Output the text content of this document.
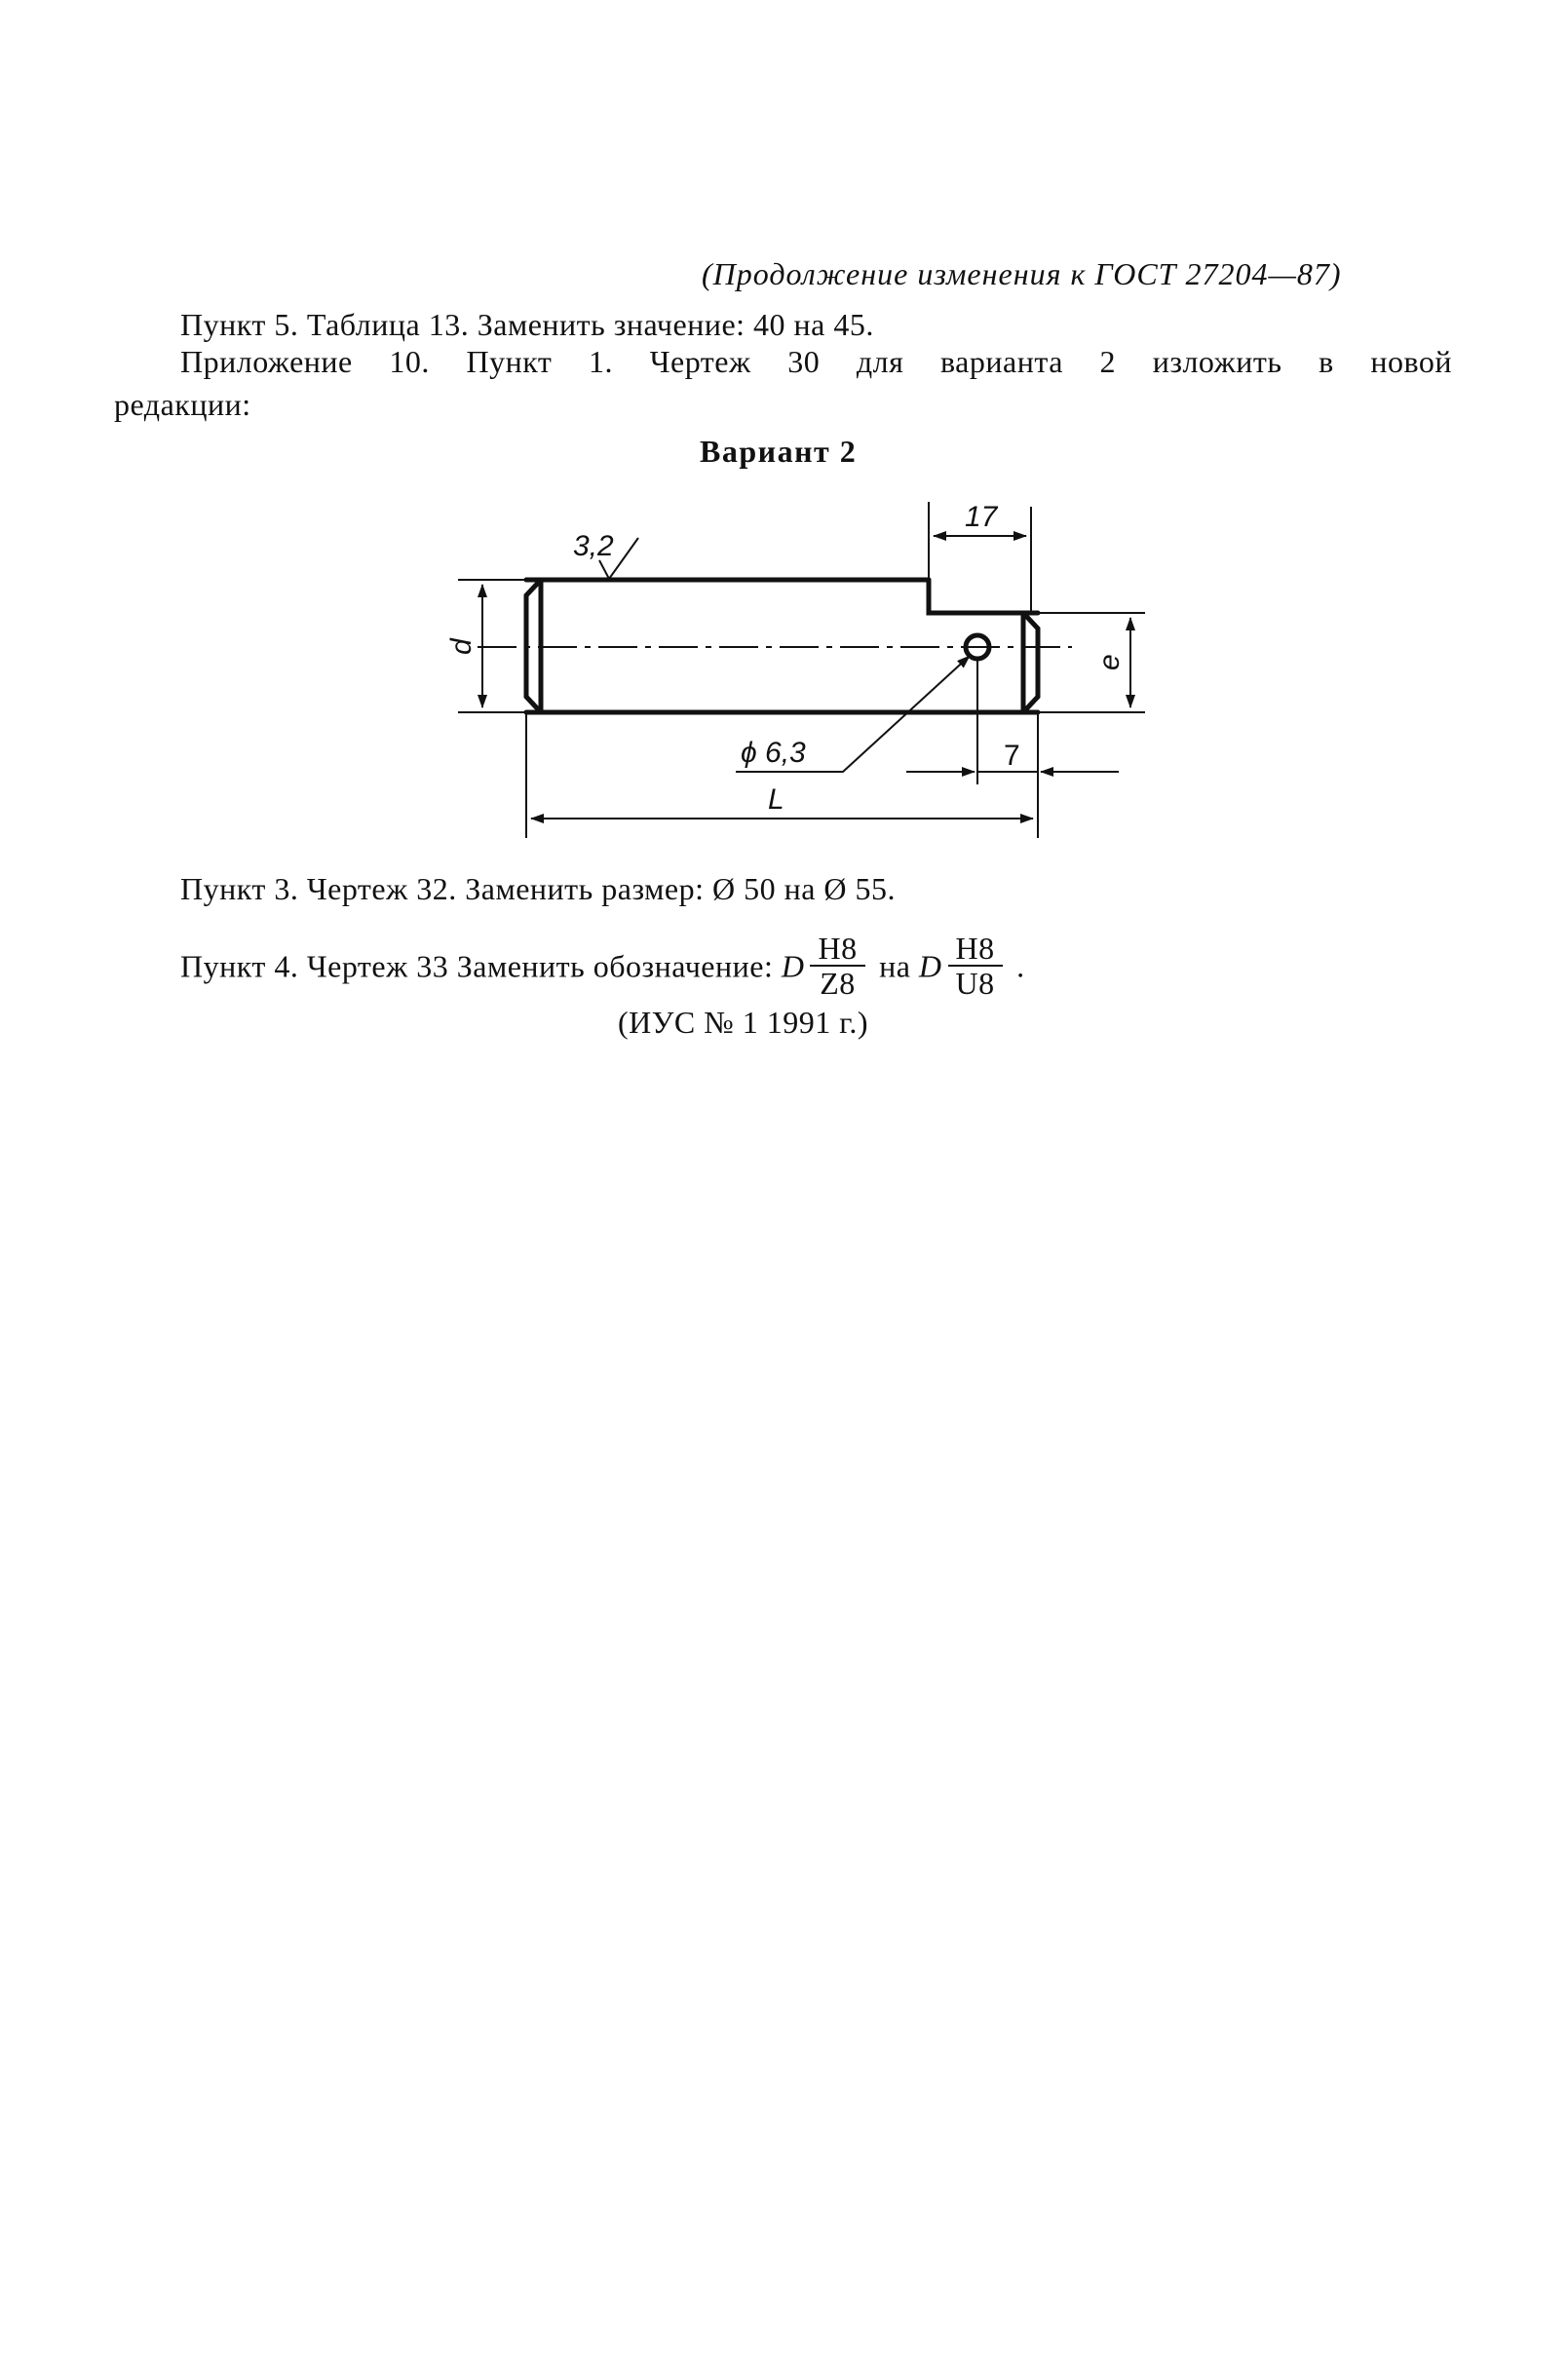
(Продолжение изменения к ГОСТ 27204—87)
Пункт 5. Таблица 13. Заменить значение: 40 на 45.
Приложение 10. Пункт 1. Чертеж 30 для варианта 2 изложить в новой
редакции:
Вариант 2
3,2
17
d
e
ϕ 6,3	7
L
Пункт 3. Чертеж 32. Заменить размер: Ø 50 на Ø 55.
Пункт 4. Чертеж 33 Заменить обозначение: D $\frac{H8}{Z8}$ на D $\frac{H8}{U8}$ .
(ИУС № 1 1991 г.)
